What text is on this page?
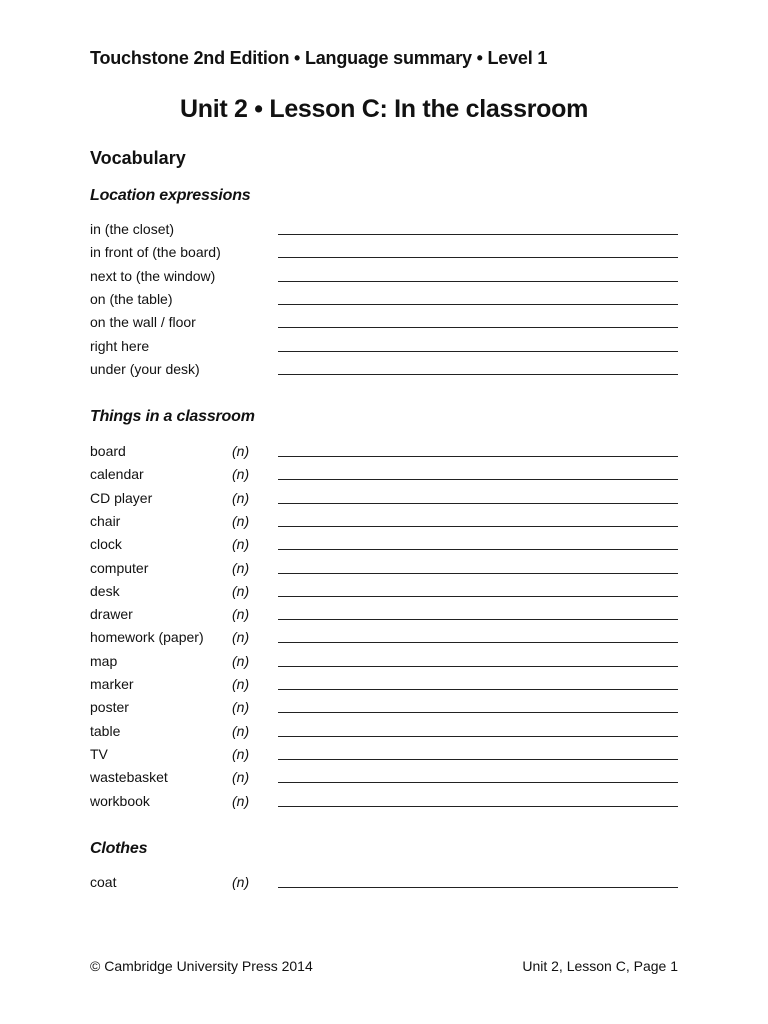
Touchstone 2nd Edition • Language summary • Level 1
Unit 2 • Lesson C: In the classroom
Vocabulary
Location expressions
in (the closet)
in front of (the board)
next to (the window)
on (the table)
on the wall / floor
right here
under (your desk)
Things in a classroom
board	(n)
calendar	(n)
CD player	(n)
chair	(n)
clock	(n)
computer	(n)
desk	(n)
drawer	(n)
homework (paper) (n)
map	(n)
marker	(n)
poster	(n)
table	(n)
TV	(n)
wastebasket	(n)
workbook	(n)
Clothes
coat	(n)
© Cambridge University Press 2014	Unit 2, Lesson C, Page 1
